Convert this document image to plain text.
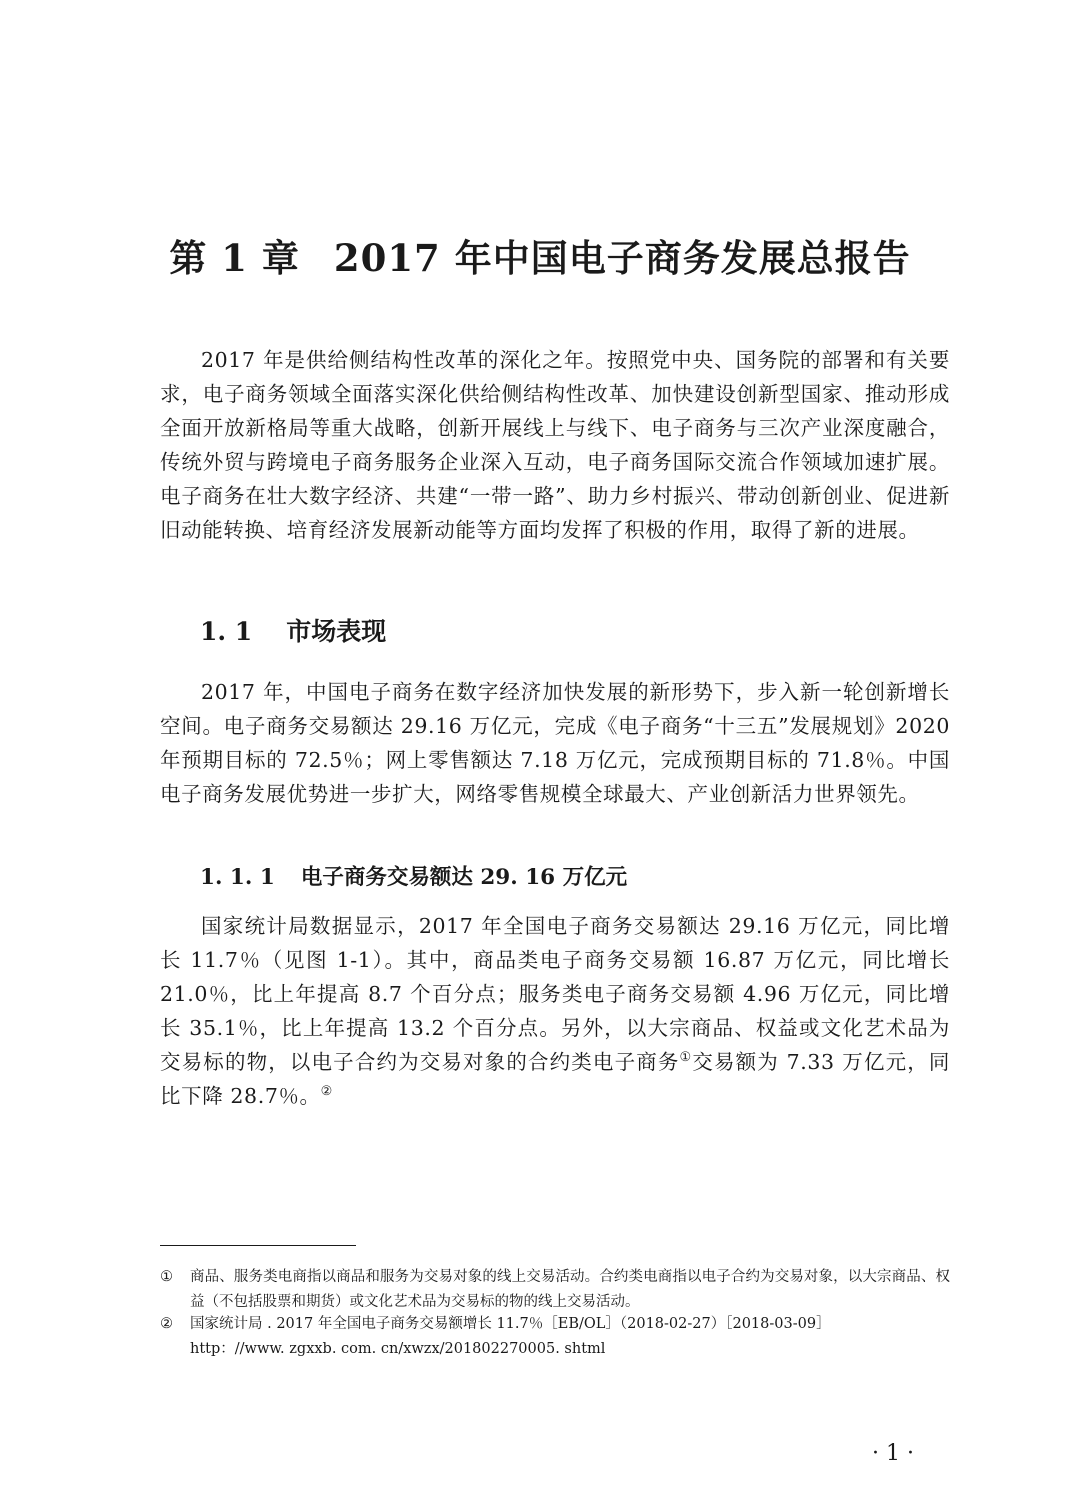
第 1 章 2017 年中国电子商务发展总报告

2017 年是供给侧结构性改革的深化之年。按照党中央、国务院的部署和有关要求，电子商务领域全面落实深化供给侧结构性改革、加快建设创新型国家、推动形成全面开放新格局等重大战略，创新开展线上与线下、电子商务与三次产业深度融合，传统外贸与跨境电子商务服务企业深入互动，电子商务国际交流合作领域加速扩展。电子商务在壮大数字经济、共建“一带一路”、助力乡村振兴、带动创新创业、促进新旧动能转换、培育经济发展新动能等方面均发挥了积极的作用，取得了新的进展。

1. 1 市场表现

2017 年，中国电子商务在数字经济加快发展的新形势下，步入新一轮创新增长空间。电子商务交易额达 29.16 万亿元，完成《电子商务“十三五”发展规划》2020 年预期目标的 72.5％；网上零售额达 7.18 万亿元，完成预期目标的 71.8％。中国电子商务发展优势进一步扩大，网络零售规模全球最大、产业创新活力世界领先。

1. 1. 1 电子商务交易额达 29. 16 万亿元

国家统计局数据显示，2017 年全国电子商务交易额达 29.16 万亿元，同比增长 11.7％（见图 1-1）。其中，商品类电子商务交易额 16.87 万亿元，同比增长 21.0％，比上年提高 8.7 个百分点；服务类电子商务交易额 4.96 万亿元，同比增长 35.1％，比上年提高 13.2 个百分点。另外，以大宗商品、权益或文化艺术品为交易标的物，以电子合约为交易对象的合约类电子商务①交易额为 7.33 万亿元，同比下降 28.7％。②

① 商品、服务类电商指以商品和服务为交易对象的线上交易活动。合约类电商指以电子合约为交易对象，以大宗商品、权益（不包括股票和期货）或文化艺术品为交易标的物的线上交易活动。

② 国家统计局 . 2017 年全国电子商务交易额增长 11.7％［EB/OL］（2018-02-27）［2018-03-09］
http：//www. zgxxb. com. cn/xwzx/201802270005. shtml

· 1 ·
